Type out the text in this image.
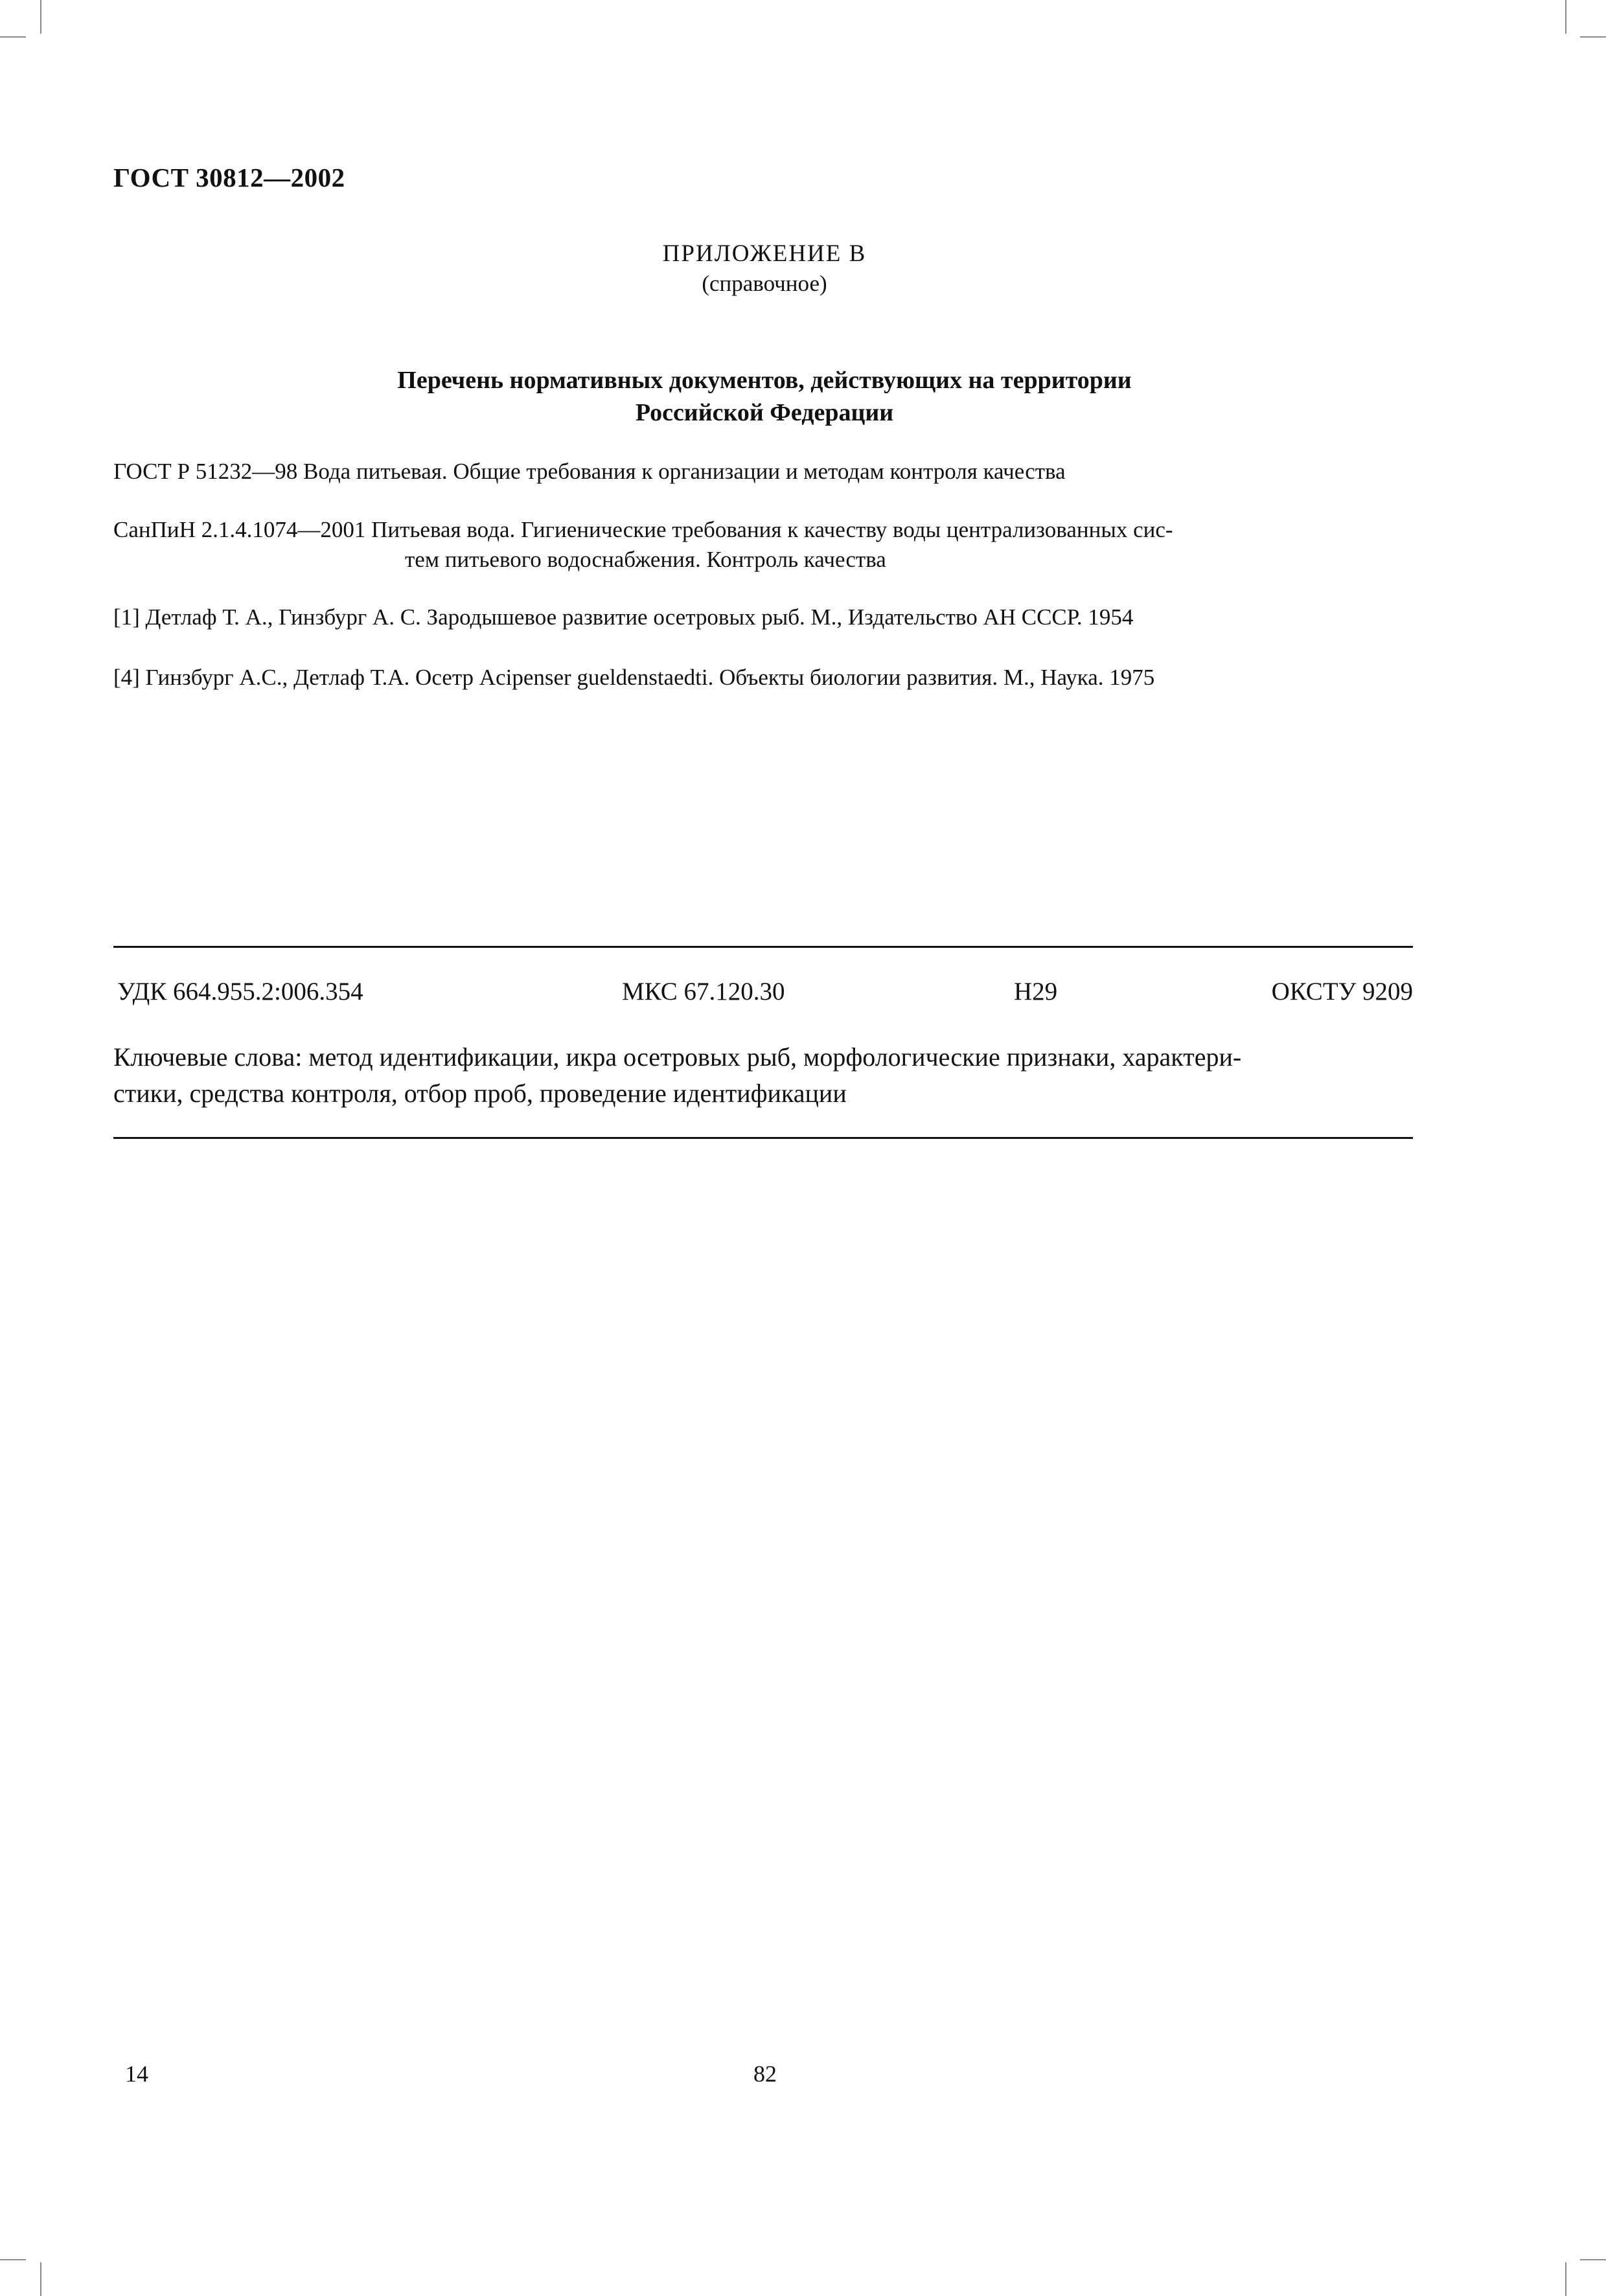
ГОСТ 30812—2002
ПРИЛОЖЕНИЕ В
(справочное)
Перечень нормативных документов, действующих на территории
Российской Федерации
ГОСТ Р 51232—98 Вода питьевая. Общие требования к организации и методам контроля качества
СанПиН 2.1.4.1074—2001 Питьевая вода. Гигиенические требования к качеству воды централизованных сис-
тем питьевого водоснабжения. Контроль качества
[1] Детлаф Т. А., Гинзбург А. С. Зародышевое развитие осетровых рыб. М., Издательство АН СССР. 1954
[4] Гинзбург А.С., Детлаф Т.А. Осетр Acipenser gueldenstaedti. Объекты биологии развития. М., Наука. 1975
УДК 664.955.2:006.354	МКС 67.120.30	Н29	ОКСТУ 9209
Ключевые слова: метод идентификации, икра осетровых рыб, морфологические признаки, характери-
стики, средства контроля, отбор проб, проведение идентификации
14	82
